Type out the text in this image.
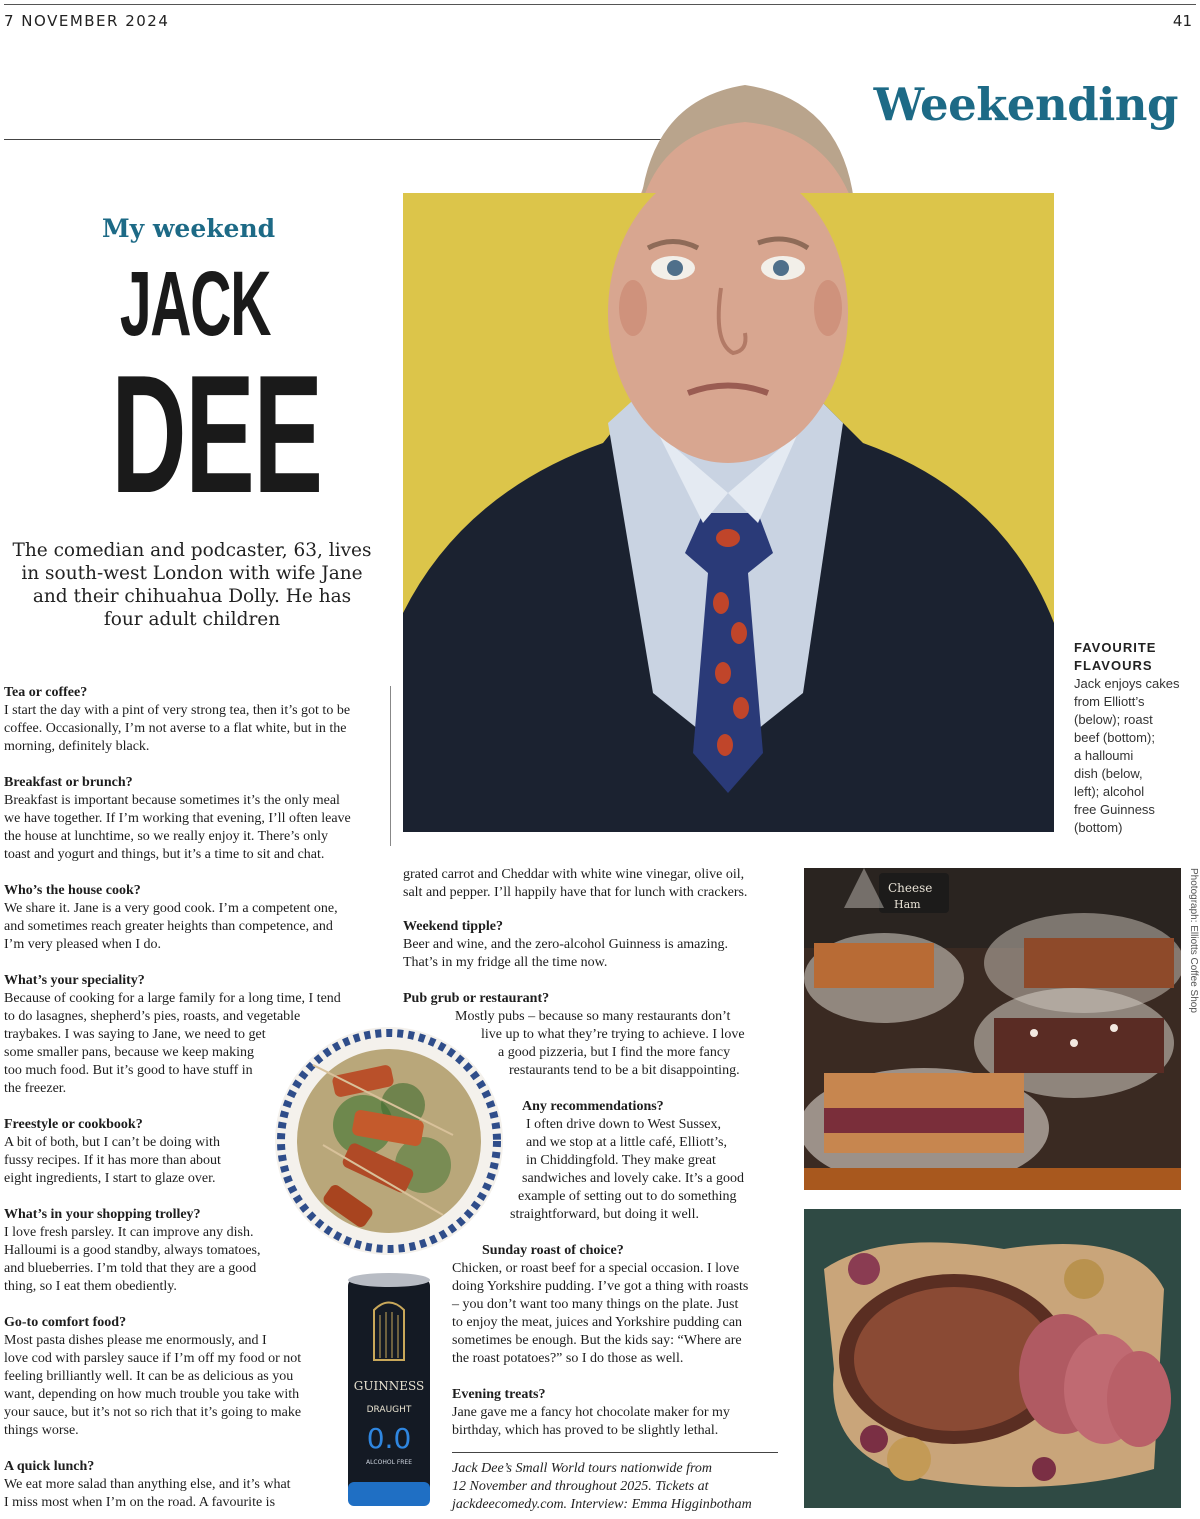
7 NOVEMBER 2024	41
Weekending
My weekend
JACK
DEE
The comedian and podcaster, 63, lives in south-west London with wife Jane and their chihuahua Dolly. He has four adult children
FAVOURITE
FLAVOURS
Jack enjoys cakes
from Elliott’s
(below); roast
beef (bottom);
a halloumi
dish (below,
left); alcohol
free Guinness
(bottom)
Photograph: Elliotts Coffee Shop
Cheese
Ham
Tea or coffee?
I start the day with a pint of very strong tea, then it’s got to be
coffee. Occasionally, I’m not averse to a flat white, but in the
morning, definitely black.
Breakfast or brunch?
Breakfast is important because sometimes it’s the only meal
we have together. If I’m working that evening, I’ll often leave
the house at lunchtime, so we really enjoy it. There’s only
toast and yogurt and things, but it’s a time to sit and chat.
Who’s the house cook?
We share it. Jane is a very good cook. I’m a competent one,
and sometimes reach greater heights than competence, and
I’m very pleased when I do.
What’s your speciality?
Because of cooking for a large family for a long time, I tend
to do lasagnes, shepherd’s pies, roasts, and vegetable
traybakes. I was saying to Jane, we need to get
some smaller pans, because we keep making
too much food. But it’s good to have stuff in
the freezer.
Freestyle or cookbook?
A bit of both, but I can’t be doing with
fussy recipes. If it has more than about
eight ingredients, I start to glaze over.
What’s in your shopping trolley?
I love fresh parsley. It can improve any dish.
Halloumi is a good standby, always tomatoes,
and blueberries. I’m told that they are a good
thing, so I eat them obediently.
Go-to comfort food?
Most pasta dishes please me enormously, and I
love cod with parsley sauce if I’m off my food or not
feeling brilliantly well. It can be as delicious as you
want, depending on how much trouble you take with
your sauce, but it’s not so rich that it’s going to make
things worse.
A quick lunch?
We eat more salad than anything else, and it’s what
I miss most when I’m on the road. A favourite is
GUINNESS
DRAUGHT
0.0
ALCOHOL FREE
grated carrot and Cheddar with white wine vinegar, olive oil,
salt and pepper. I’ll happily have that for lunch with crackers.
Weekend tipple?
Beer and wine, and the zero-alcohol Guinness is amazing.
That’s in my fridge all the time now.
Pub grub or restaurant?
Mostly pubs – because so many restaurants don’t
live up to what they’re trying to achieve. I love
a good pizzeria, but I find the more fancy
restaurants tend to be a bit disappointing.
Any recommendations?
I often drive down to West Sussex,
and we stop at a little café, Elliott’s,
in Chiddingfold. They make great
sandwiches and lovely cake. It’s a good
example of setting out to do something
straightforward, but doing it well.
Sunday roast of choice?
Chicken, or roast beef for a special occasion. I love
doing Yorkshire pudding. I’ve got a thing with roasts
– you don’t want too many things on the plate. Just
to enjoy the meat, juices and Yorkshire pudding can
sometimes be enough. But the kids say: “Where are
the roast potatoes?” so I do those as well.
Evening treats?
Jane gave me a fancy hot chocolate maker for my
birthday, which has proved to be slightly lethal.
Jack Dee’s Small World tours nationwide from
12 November and throughout 2025. Tickets at
jackdeecomedy.com. Interview: Emma Higginbotham
